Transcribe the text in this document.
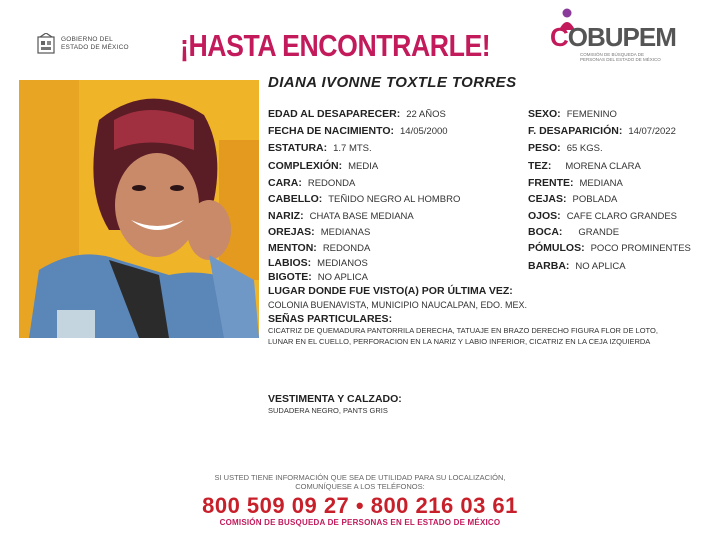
GOBIERNO DEL
ESTADO DE MÉXICO ¡HASTA ENCONTRARLE! COBUPEM
COMISIÓN DE BÚSQUEDA DE PERSONAS DEL ESTADO DE MÉXICO
DIANA IVONNE TOXTLE TORRES
EDAD AL DESAPARECER: 22 AÑOS
FECHA DE NACIMIENTO: 14/05/2000
ESTATURA: 1.7 MTS.
COMPLEXIÓN: MEDIA
CARA: REDONDA
CABELLO: TEÑIDO NEGRO AL HOMBRO
NARIZ: CHATA BASE MEDIANA
OREJAS: MEDIANAS
MENTON: REDONDA
LABIOS: MEDIANOS
BIGOTE: NO APLICA
SEXO: FEMENINO
F. DESAPARICIÓN: 14/07/2022
PESO: 65 KGS.
TEZ: MORENA CLARA
FRENTE: MEDIANA
CEJAS: POBLADA
OJOS: CAFE CLARO GRANDES
BOCA: GRANDE
PÓMULOS: POCO PROMINENTES
BARBA: NO APLICA
LUGAR DONDE FUE VISTO(A) POR ÚLTIMA VEZ:
COLONIA BUENAVISTA, MUNICIPIO NAUCALPAN, EDO. MEX.
SEÑAS PARTICULARES:
CICATRIZ DE QUEMADURA PANTORRILA DERECHA, TATUAJE EN BRAZO DERECHO FIGURA FLOR DE LOTO,
LUNAR EN EL CUELLO, PERFORACION EN LA NARIZ Y LABIO INFERIOR, CICATRIZ EN LA CEJA IZQUIERDA
VESTIMENTA Y CALZADO:
SUDADERA NEGRO, PANTS GRIS
SI USTED TIENE INFORMACIÓN QUE SEA DE UTILIDAD PARA SU LOCALIZACIÓN,
COMUNÍQUESE A LOS TELÉFONOS:
800 509 09 27 • 800 216 03 61
COMISIÓN DE BUSQUEDA DE PERSONAS EN EL ESTADO DE MÉXICO
